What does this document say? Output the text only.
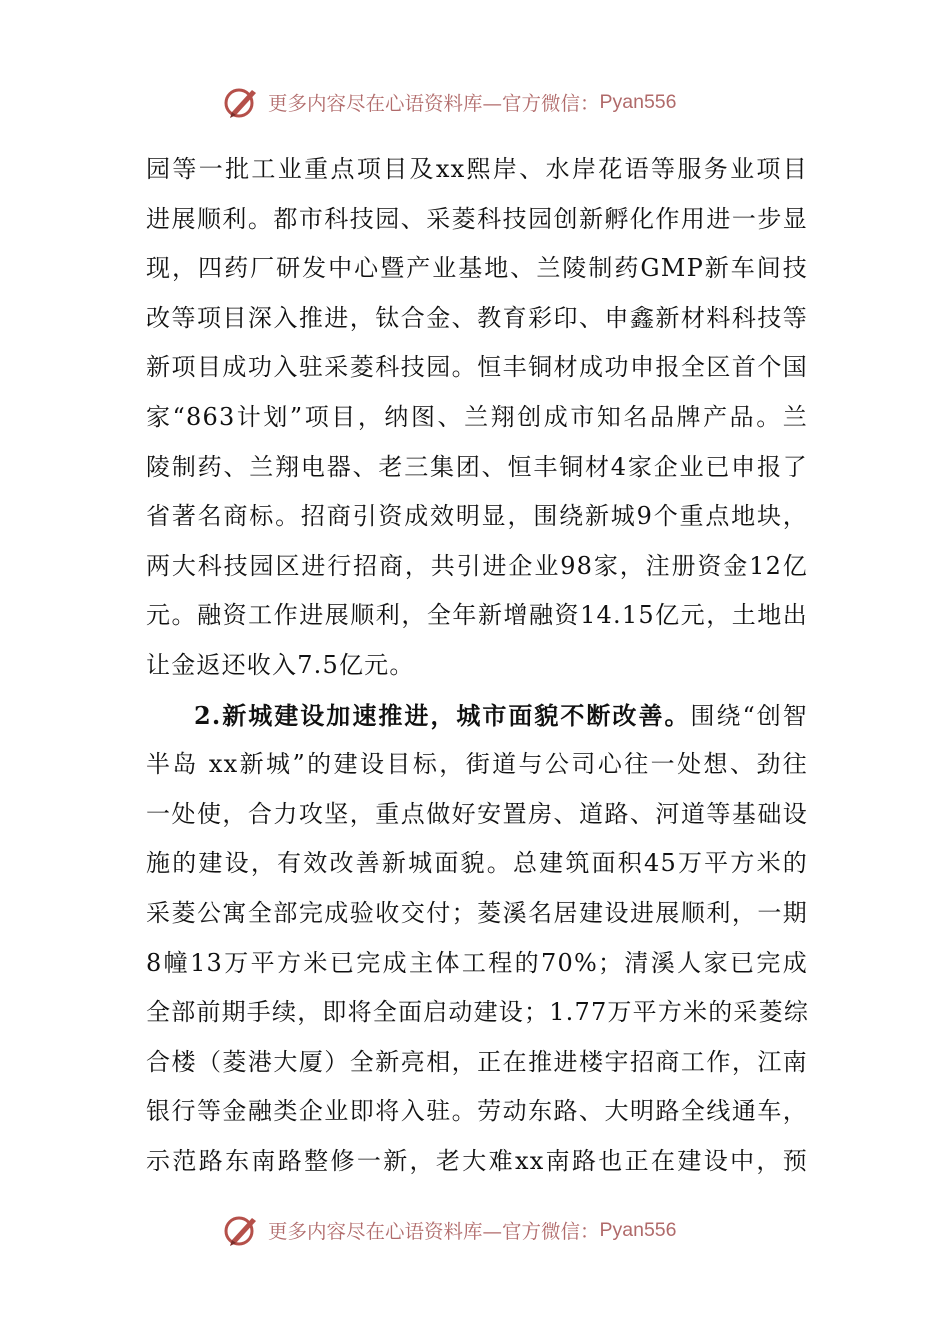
更多内容尽在心语资料库—官方微信： Pyan556
园等一批工业重点项目及xx熙岸、水岸花语等服务业项目
进展顺利。都市科技园、采菱科技园创新孵化作用进一步显
现，四药厂研发中心暨产业基地、兰陵制药GMP新车间技
改等项目深入推进，钛合金、教育彩印、申鑫新材料科技等
新项目成功入驻采菱科技园。恒丰铜材成功申报全区首个国
家“863计划”项目，纳图、兰翔创成市知名品牌产品。兰
陵制药、兰翔电器、老三集团、恒丰铜材4家企业已申报了
省著名商标。招商引资成效明显，围绕新城9个重点地块，
两大科技园区进行招商，共引进企业98家，注册资金12亿
元。融资工作进展顺利，全年新增融资14.15亿元，土地出
让金返还收入7.5亿元。
2.新城建设加速推进，城市面貌不断改善。围绕“创智
半岛 xx新城”的建设目标，街道与公司心往一处想、劲往
一处使，合力攻坚，重点做好安置房、道路、河道等基础设
施的建设，有效改善新城面貌。总建筑面积45万平方米的
采菱公寓全部完成验收交付；菱溪名居建设进展顺利，一期
8幢13万平方米已完成主体工程的70%；清溪人家已完成
全部前期手续，即将全面启动建设；1.77万平方米的采菱综
合楼（菱港大厦）全新亮相，正在推进楼宇招商工作，江南
银行等金融类企业即将入驻。劳动东路、大明路全线通车，
示范路东南路整修一新，老大难xx南路也正在建设中，预
更多内容尽在心语资料库—官方微信： Pyan556
